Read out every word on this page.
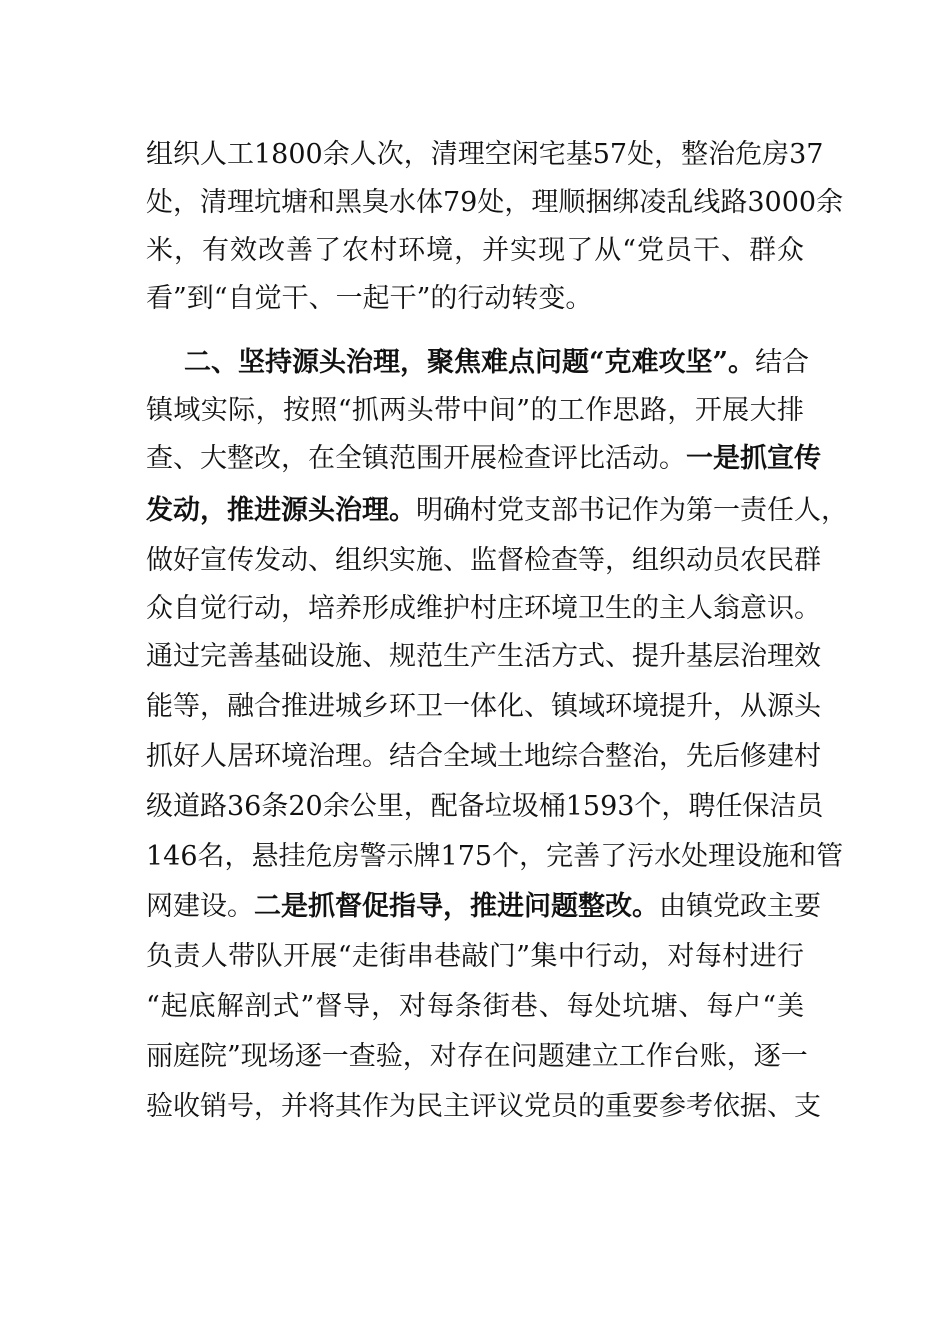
组织人工1800余人次，清理空闲宅基57处，整治危房37
处，清理坑塘和黑臭水体79处，理顺捆绑凌乱线路3000余
米，有效改善了农村环境，并实现了从“党员干、群众
看”到“自觉干、一起干”的行动转变。
二、坚持源头治理，聚焦难点问题“克难攻坚”。结合
镇域实际，按照“抓两头带中间”的工作思路，开展大排
查、大整改，在全镇范围开展检查评比活动。一是抓宣传
发动，推进源头治理。明确村党支部书记作为第一责任人，
做好宣传发动、组织实施、监督检查等，组织动员农民群
众自觉行动，培养形成维护村庄环境卫生的主人翁意识。
通过完善基础设施、规范生产生活方式、提升基层治理效
能等，融合推进城乡环卫一体化、镇域环境提升，从源头
抓好人居环境治理。结合全域土地综合整治，先后修建村
级道路36条20余公里，配备垃圾桶1593个，聘任保洁员
146名，悬挂危房警示牌175个，完善了污水处理设施和管
网建设。二是抓督促指导，推进问题整改。由镇党政主要
负责人带队开展“走街串巷敲门”集中行动，对每村进行
“起底解剖式”督导，对每条街巷、每处坑塘、每户“美
丽庭院”现场逐一查验，对存在问题建立工作台账，逐一
验收销号，并将其作为民主评议党员的重要参考依据、支
